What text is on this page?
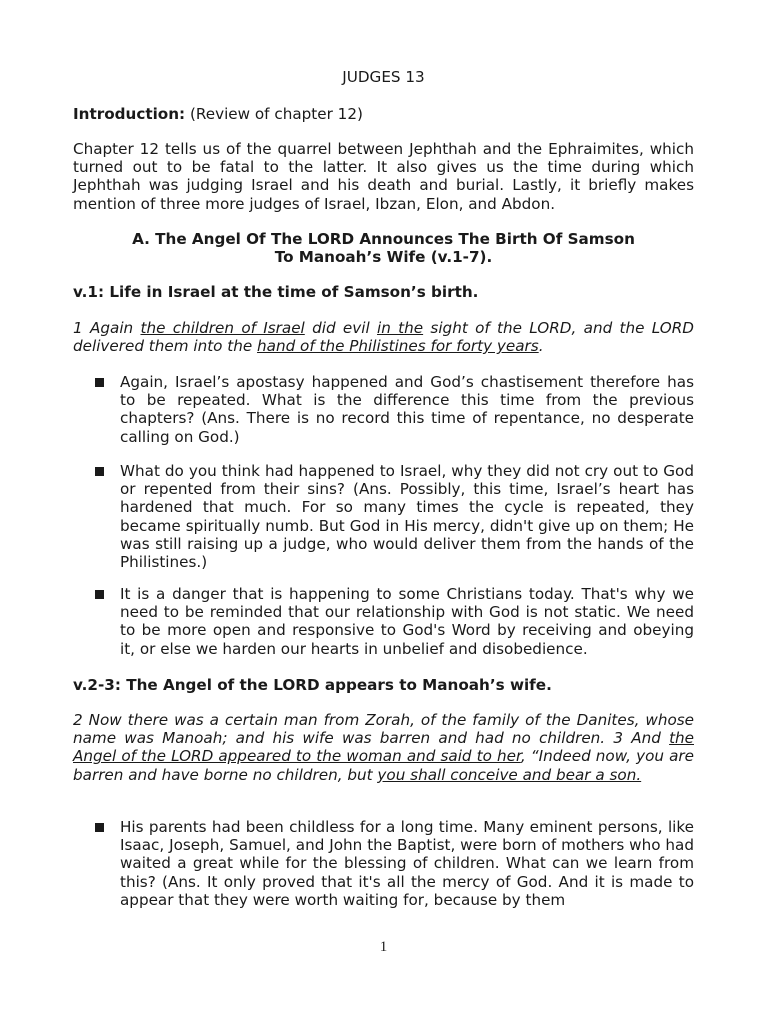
JUDGES 13

Introduction: (Review of chapter 12)

Chapter 12 tells us of the quarrel between Jephthah and the Ephraimites, which turned out to be fatal to the latter. It also gives us the time during which Jephthah was judging Israel and his death and burial. Lastly, it briefly makes mention of three more judges of Israel, Ibzan, Elon, and Abdon.

A. The Angel Of The LORD Announces The Birth Of Samson
To Manoah’s Wife (v.1-7).

v.1: Life in Israel at the time of Samson’s birth.

1 Again the children of Israel did evil in the sight of the LORD, and the LORD delivered them into the hand of the Philistines for forty years.

Again, Israel’s apostasy happened and God’s chastisement therefore has to be repeated. What is the difference this time from the previous chapters? (Ans. There is no record this time of repentance, no desperate calling on God.)

What do you think had happened to Israel, why they did not cry out to God or repented from their sins? (Ans. Possibly, this time, Israel’s heart has hardened that much. For so many times the cycle is repeated, they became spiritually numb. But God in His mercy, didn't give up on them; He was still raising up a judge, who would deliver them from the hands of the Philistines.)

It is a danger that is happening to some Christians today. That's why we need to be reminded that our relationship with God is not static. We need to be more open and responsive to God's Word by receiving and obeying it, or else we harden our hearts in unbelief and disobedience.

v.2-3: The Angel of the LORD appears to Manoah’s wife.

2 Now there was a certain man from Zorah, of the family of the Danites, whose name was Manoah; and his wife was barren and had no children. 3 And the Angel of the LORD appeared to the woman and said to her, “Indeed now, you are barren and have borne no children, but you shall conceive and bear a son.

His parents had been childless for a long time. Many eminent persons, like Isaac, Joseph, Samuel, and John the Baptist, were born of mothers who had waited a great while for the blessing of children. What can we learn from this? (Ans. It only proved that it's all the mercy of God. And it is made to appear that they were worth waiting for, because by them

1
